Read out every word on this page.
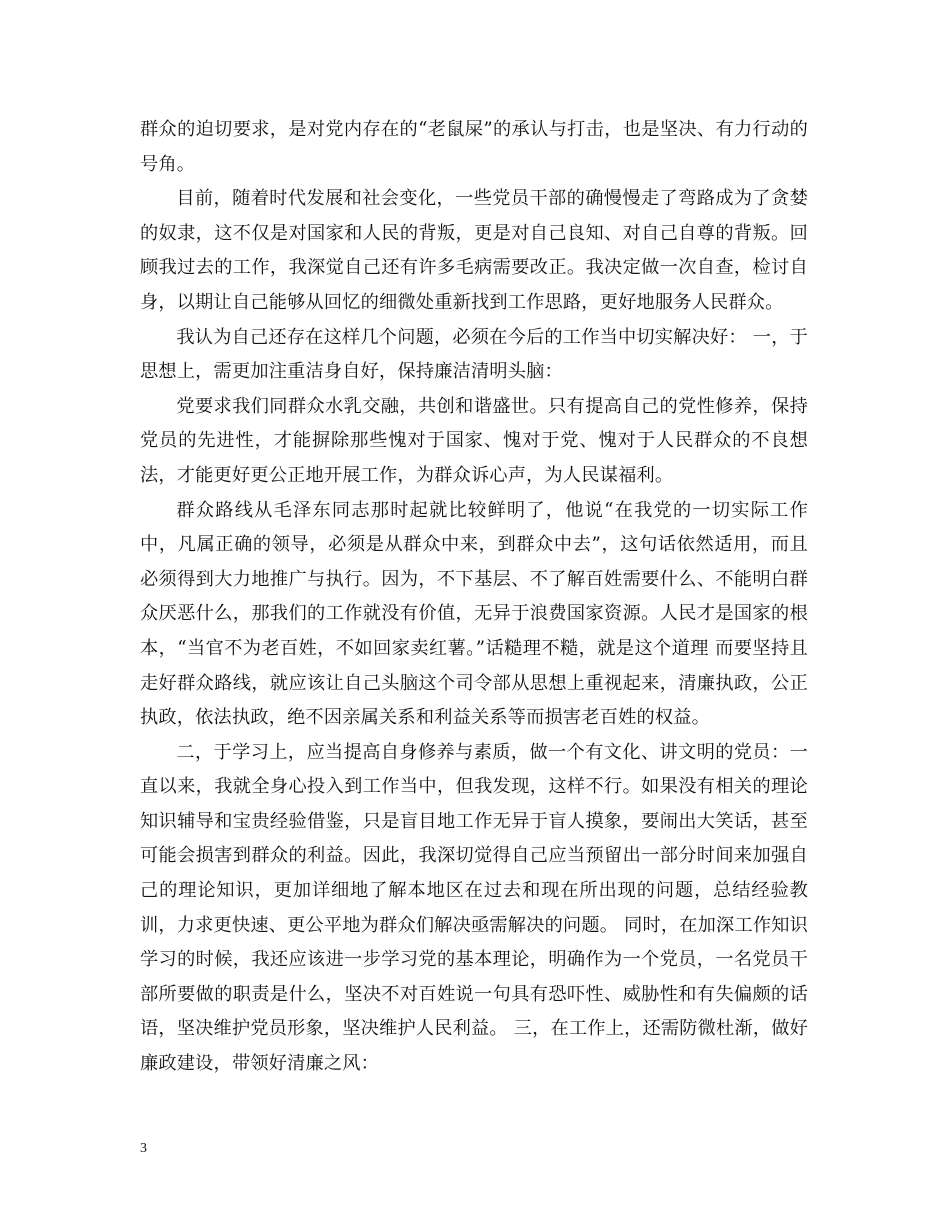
群众的迫切要求，是对党内存在的“老鼠屎”的承认与打击，也是坚决、有力行动的号角。

目前，随着时代发展和社会变化，一些党员干部的确慢慢走了弯路成为了贪婪的奴隶，这不仅是对国家和人民的背叛，更是对自己良知、对自己自尊的背叛。回顾我过去的工作，我深觉自己还有许多毛病需要改正。我决定做一次自查，检讨自身，以期让自己能够从回忆的细微处重新找到工作思路，更好地服务人民群众。

我认为自己还存在这样几个问题，必须在今后的工作当中切实解决好： 一，于思想上，需更加注重洁身自好，保持廉洁清明头脑：

党要求我们同群众水乳交融，共创和谐盛世。只有提高自己的党性修养，保持党员的先进性，才能摒除那些愧对于国家、愧对于党、愧对于人民群众的不良想法，才能更好更公正地开展工作，为群众诉心声，为人民谋福利。

群众路线从毛泽东同志那时起就比较鲜明了，他说“在我党的一切实际工作中，凡属正确的领导，必须是从群众中来，到群众中去”，这句话依然适用，而且必须得到大力地推广与执行。因为，不下基层、不了解百姓需要什么、不能明白群众厌恶什么，那我们的工作就没有价值，无异于浪费国家资源。人民才是国家的根本，“当官不为老百姓，不如回家卖红薯。”话糙理不糙，就是这个道理 而要坚持且走好群众路线，就应该让自己头脑这个司令部从思想上重视起来，清廉执政，公正执政，依法执政，绝不因亲属关系和利益关系等而损害老百姓的权益。

二，于学习上，应当提高自身修养与素质，做一个有文化、讲文明的党员：一直以来，我就全身心投入到工作当中，但我发现，这样不行。如果没有相关的理论知识辅导和宝贵经验借鉴，只是盲目地工作无异于盲人摸象，要闹出大笑话，甚至可能会损害到群众的利益。因此，我深切觉得自己应当预留出一部分时间来加强自己的理论知识，更加详细地了解本地区在过去和现在所出现的问题，总结经验教训，力求更快速、更公平地为群众们解决亟需解决的问题。 同时，在加深工作知识学习的时候，我还应该进一步学习党的基本理论，明确作为一个党员，一名党员干部所要做的职责是什么，坚决不对百姓说一句具有恐吓性、威胁性和有失偏颇的话语，坚决维护党员形象，坚决维护人民利益。 三，在工作上，还需防微杜渐，做好廉政建设，带领好清廉之风：

3
